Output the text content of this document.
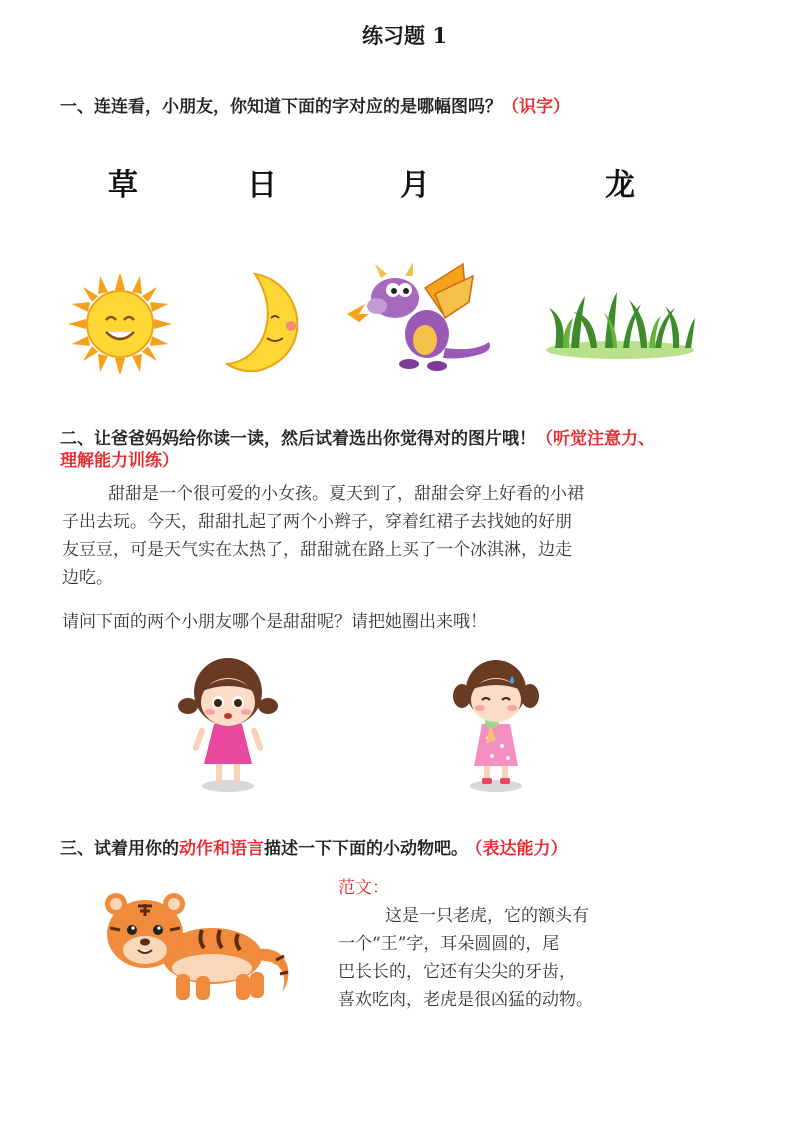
练习题 1
一、连连看，小朋友，你知道下面的字对应的是哪幅图吗？（识字）
草	日	月	龙
二、让爸爸妈妈给你读一读，然后试着选出你觉得对的图片哦！（听觉注意力、
理解能力训练）
甜甜是一个很可爱的小女孩。夏天到了，甜甜会穿上好看的小裙
子出去玩。今天，甜甜扎起了两个小辫子，穿着红裙子去找她的好朋
友豆豆，可是天气实在太热了，甜甜就在路上买了一个冰淇淋，边走
边吃。
请问下面的两个小朋友哪个是甜甜呢？请把她圈出来哦！
三、试着用你的动作和语言描述一下下面的小动物吧。 （表达能力）
范文：
这是一只老虎，它的额头有
一个“王”字，耳朵圆圆的，尾
巴长长的，它还有尖尖的牙齿，
喜欢吃肉，老虎是很凶猛的动物。
